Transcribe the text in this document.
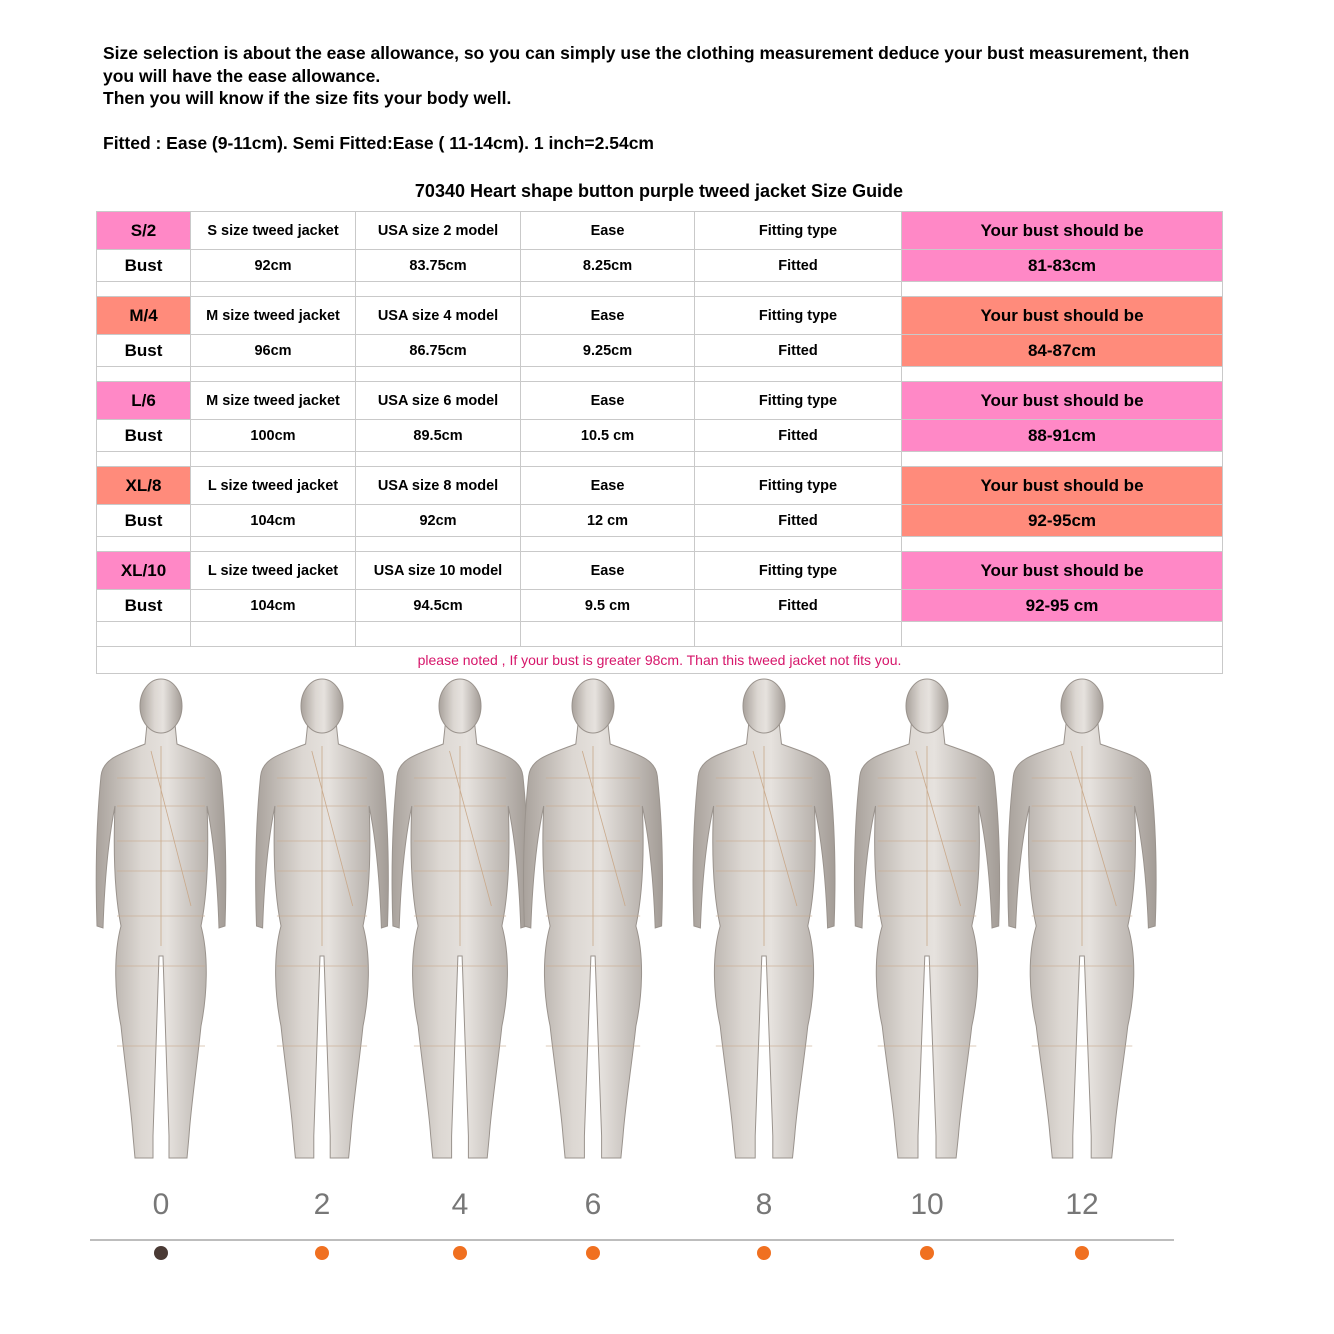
Size selection is about the ease allowance, so you can simply use the clothing measurement deduce your bust measurement, then you will have the ease allowance.

Then you will know if the size fits your body well.

Fitted : Ease (9-11cm). Semi Fitted:Ease ( 11-14cm). 1 inch=2.54cm

70340 Heart shape button purple tweed jacket Size Guide
S/2	S size tweed jacket	USA size 2 model	Ease	Fitting type	Your bust should be
Bust	92cm	83.75cm	8.25cm	Fitted	81-83cm

M/4	M size tweed jacket	USA size 4 model	Ease	Fitting type	Your bust should be
Bust	96cm	86.75cm	9.25cm	Fitted	84-87cm

L/6	M size tweed jacket	USA size 6 model	Ease	Fitting type	Your bust should be
Bust	100cm	89.5cm	10.5 cm	Fitted	88-91cm

XL/8	L size tweed jacket	USA size 8 model	Ease	Fitting type	Your bust should be
Bust	104cm	92cm	12 cm	Fitted	92-95cm

XL/10	L size tweed jacket	USA size 10 model	Ease	Fitting type	Your bust should be
Bust	104cm	94.5cm	9.5 cm	Fitted	92-95 cm

please noted , If your bust is greater 98cm. Than this tweed jacket not fits you.					
0	2	4	6	8	10	12
